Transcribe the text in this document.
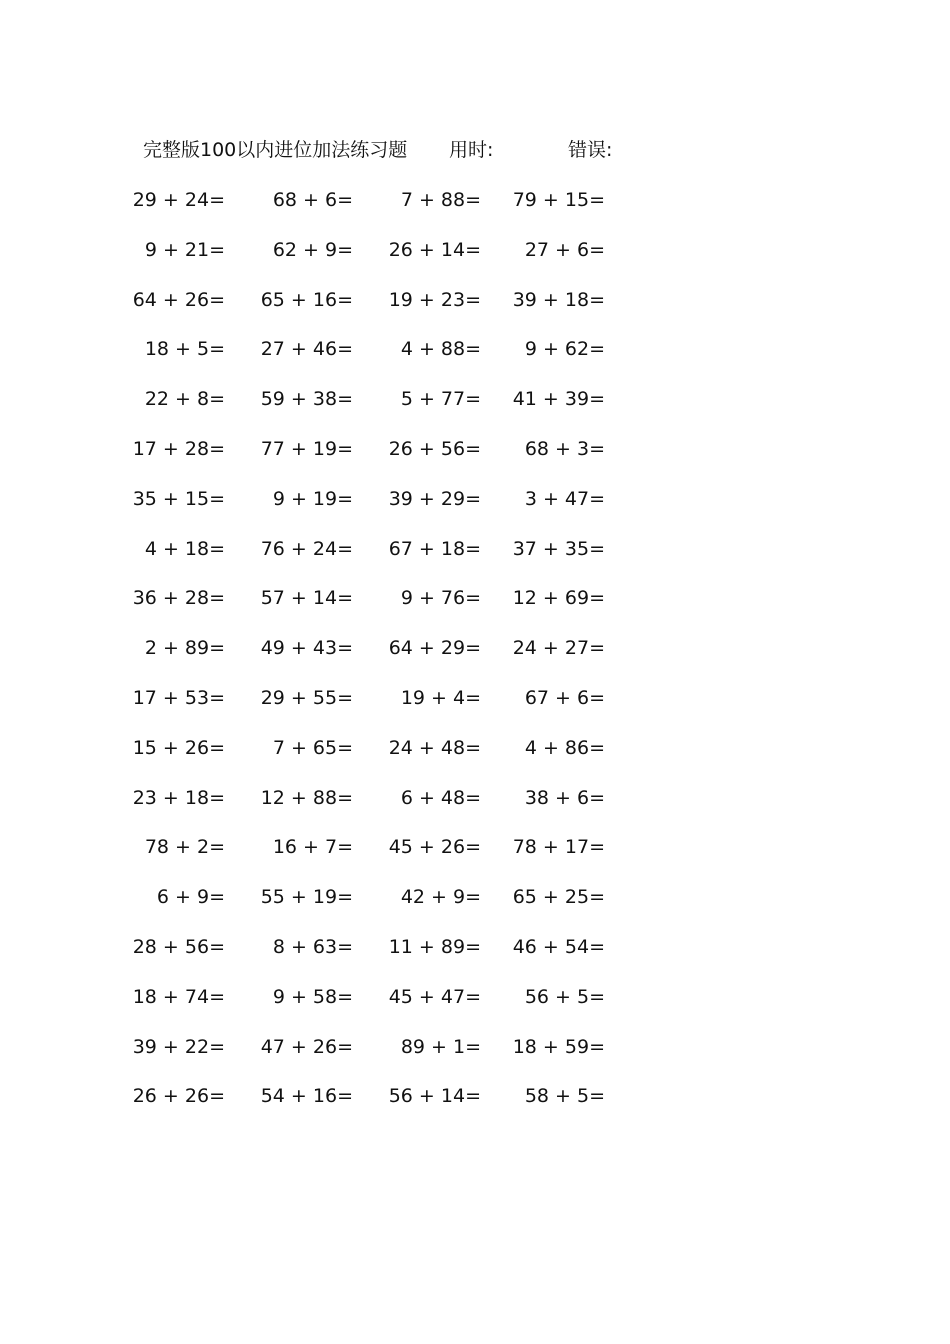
完整版100以内进位加法练习题 用时:	错误:
29 + 24=	68 + 6=	7 + 88= 79 + 15=
9 + 21=	62 + 9= 26 + 14=	27 + 6=
64 + 26= 65 + 16= 19 + 23= 39 + 18=
18 + 5= 27 + 46=	4 + 88=	9 + 62=
22 + 8= 59 + 38=	5 + 77= 41 + 39=
17 + 28= 77 + 19= 26 + 56=	68 + 3=
35 + 15=	9 + 19= 39 + 29=	3 + 47=
4 + 18= 76 + 24= 67 + 18= 37 + 35=
36 + 28= 57 + 14=	9 + 76= 12 + 69=
2 + 89= 49 + 43= 64 + 29= 24 + 27=
17 + 53= 29 + 55=	19 + 4=	67 + 6=
15 + 26=	7 + 65= 24 + 48=	4 + 86=
23 + 18= 12 + 88=	6 + 48=	38 + 6=
78 + 2=	16 + 7= 45 + 26= 78 + 17=
6 + 9= 55 + 19=	42 + 9= 65 + 25=
28 + 56=	8 + 63= 11 + 89= 46 + 54=
18 + 74=	9 + 58= 45 + 47=	56 + 5=
39 + 22= 47 + 26=	89 + 1= 18 + 59=
26 + 26= 54 + 16= 56 + 14=	58 + 5=
